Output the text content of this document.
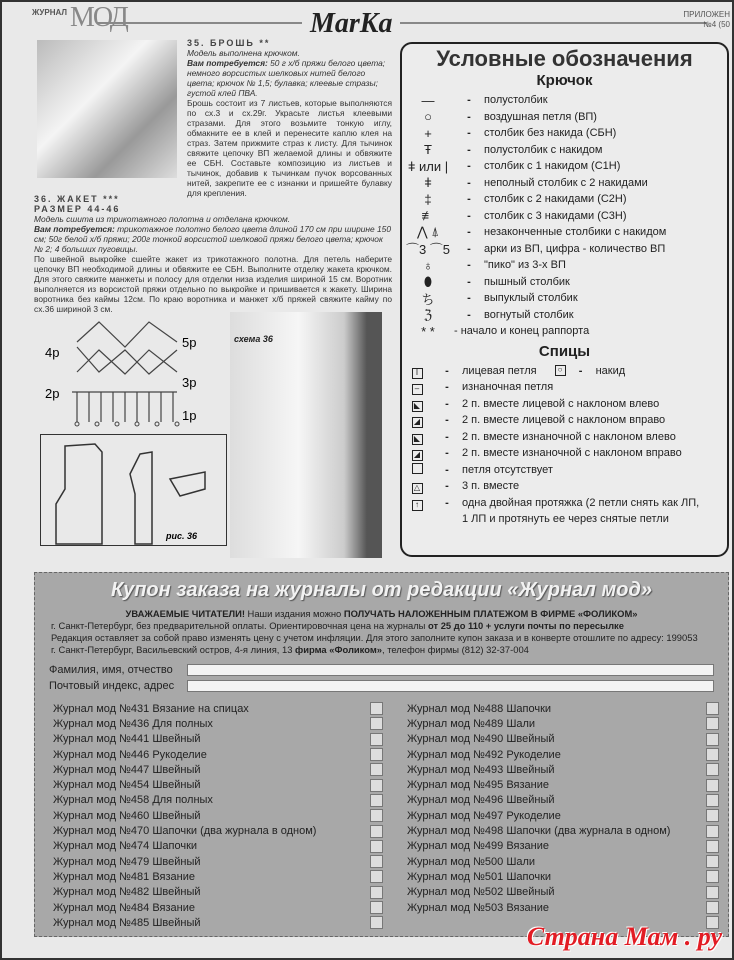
ЖУРНАЛ МОД	MarKa	ПРИЛОЖЕН
№4 (50
35. БРОШЬ **
Модель выполнена крючком.
Вам потребуется: 50 г х/б пряжи белого цвета; немного ворсистых шелковых нитей белого цвета; крючок № 1,5; булавка; клеевые стразы; густой клей ПВА.
Брошь состоит из 7 листьев, которые выполняются по сх.3 и сх.29г. Украсьте листья клеевыми стразами. Для этого возьмите тонкую иглу, обмакните ее в клей и перенесите каплю клея на страз. Затем прижмите страз к листу. Для тычинок свяжите цепочку ВП желаемой длины и обвяжите ее СБН. Составьте композицию из листьев и тычинок, добавив к тычинкам пучок ворсованных нитей, закрепите ее с изнанки и пришейте булавку для крепления.
36. ЖАКЕТ ***
РАЗМЕР 44-46
Модель сшита из трикотажного полотна и отделана крючком.
Вам потребуется: трикотажное полотно белого цвета длиной 170 см при ширине 150 см; 50г белой х/б пряжи; 200г тонкой ворсистой шелковой пряжи белого цвета; крючок № 2; 4 больших пуговицы.
По швейной выкройке сшейте жакет из трикотажного полотна. Для петель наберите цепочку ВП необходимой длины и обвяжите ее СБН. Выполните отделку жакета крючком. Для этого свяжите манжеты и полосу для отделки низа изделия шириной 15 см. Воротник выполняется из ворсистой пряжи отдельно по выкройке и пришивается к жакету. Ширина воротника без каймы 12см. По краю воротника и манжет х/б пряжей свяжите кайму по сх.36 шириной 3 см.
5р
4р
3р
2р
1р
рис. 36
схема 36
Условные обозначения
Крючок
—	-	полустолбик
○	-	воздушная петля (ВП)
+	-	столбик без накида (СБН)
Ŧ	-	полустолбик с накидом
ǂ или |	-	столбик с 1 накидом (С1Н)
ǂ	-	неполный столбик с 2 накидами
‡	-	столбик с 2 накидами (С2Н)
≢	-	столбик с 3 накидами (С3Н)
⋀ ⍋	-	незаконченные столбики с накидом
⌒3 ⌒5	-	арки из ВП, цифра - количество ВП
♁	-	"пико" из 3-х ВП
⬮	-	пышный столбик
ち	-	выпуклый столбик
ℨ	-	вогнутый столбик
* *	- начало и конец раппорта
Спицы
I	-	лицевая петля	○	-	накид
–	-	изнаночная петля
◣	-	2 п. вместе лицевой с наклоном влево
◢	-	2 п. вместе лицевой с наклоном вправо
◣	-	2 п. вместе изнаночной с наклоном влево
◢	-	2 п. вместе изнаночной с наклоном вправо
-	петля отсутствует
△	-	3 п. вместе
↑	-	одна двойная протяжка (2 петли снять как ЛП,
1 ЛП и протянуть ее через снятые петли
Купон заказа на журналы от редакции «Журнал мод»
УВАЖАЕМЫЕ ЧИТАТЕЛИ! Наши издания можно ПОЛУЧАТЬ НАЛОЖЕННЫМ ПЛАТЕЖОМ В ФИРМЕ «ФОЛИКОМ»
г. Санкт-Петербург, без предварительной оплаты. Ориентировочная цена на журналы от 25 до 110 + услуги почты по пересылке
Редакция оставляет за собой право изменять цену с учетом инфляции. Для этого заполните купон заказа и в конверте отошлите по адресу: 199053
г. Санкт-Петербург, Васильевский остров, 4-я линия, 13 фирма «Фоликом», телефон фирмы (812) 32-37-004
Фамилия, имя, отчество
Почтовый индекс, адрес
Журнал мод №431 Вязание на спицах
Журнал мод №436 Для полных
Журнал мод №441 Швейный
Журнал мод №446 Рукоделие
Журнал мод №447 Швейный
Журнал мод №454 Швейный
Журнал мод №458 Для полных
Журнал мод №460 Швейный
Журнал мод №470 Шапочки (два журнала в одном)
Журнал мод №474 Шапочки
Журнал мод №479 Швейный
Журнал мод №481 Вязание
Журнал мод №482 Швейный
Журнал мод №484 Вязание
Журнал мод №485 Швейный
Журнал мод №488 Шапочки
Журнал мод №489 Шали
Журнал мод №490 Швейный
Журнал мод №492 Рукоделие
Журнал мод №493 Швейный
Журнал мод №495 Вязание
Журнал мод №496 Швейный
Журнал мод №497 Рукоделие
Журнал мод №498 Шапочки (два журнала в одном)
Журнал мод №499 Вязание
Журнал мод №500 Шали
Журнал мод №501 Шапочки
Журнал мод №502 Швейный
Журнал мод №503 Вязание
Страна Мам . ру
